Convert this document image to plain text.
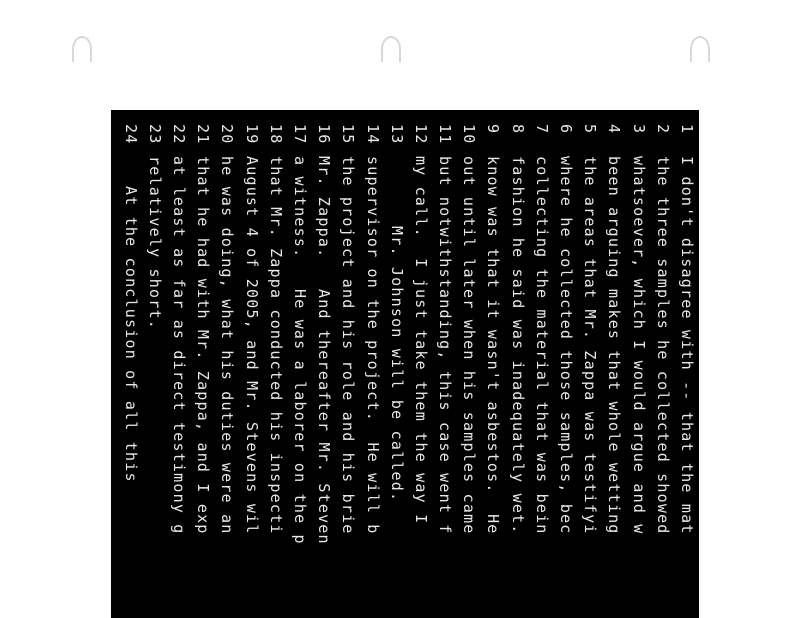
1
I don't disagree with -- that the mat
2
the three samples he collected showed
3
whatsoever, which I would argue and w
4
been arguing makes that whole wetting
5
the areas that Mr. Zappa was testifyi
6
where he collected those samples, bec
7
collecting the material that was bein
8
fashion he said was inadequately wet.
9
know was that it wasn't asbestos.  He
10
out until later when his samples came
11
but notwithstanding, this case went f
12
my call.  I just take them the way I
13
Mr. Johnson will be called.
14
supervisor on the project.  He will b
15
the project and his role and his brie
16
Mr. Zappa.   And thereafter Mr. Steven
17
a witness.   He was a laborer on the p
18
that Mr. Zappa conducted his inspecti
19
August 4 of 2005, and Mr. Stevens wil
20
he was doing, what his duties were an
21
that he had with Mr. Zappa, and I exp
22
at least as far as direct testimony g
23
relatively short.
24
At the conclusion of all this
